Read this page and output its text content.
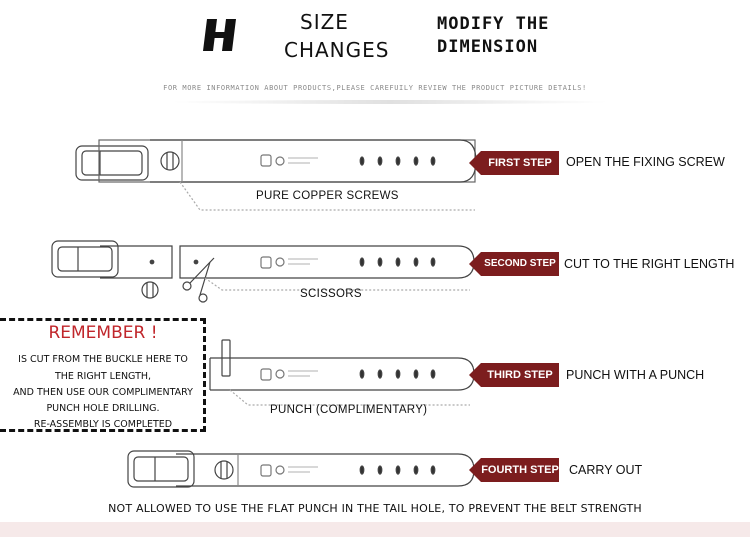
SIZE
CHANGES
MODIFY THE
DIMENSION
FOR MORE INFORMATION ABOUT PRODUCTS,PLEASE CAREFUILY REVIEW THE PRODUCT PICTURE DETAILS!
FIRST STEP	OPEN THE FIXING SCREW
PURE COPPER SCREWS
SECOND STEP CUT TO THE RIGHT LENGTH
SCISSORS
THIRD STEP	PUNCH WITH A PUNCH
PUNCH (COMPLIMENTARY)
FOURTH STEP CARRY OUT
REMEMBER !
IS CUT FROM THE BUCKLE HERE TO
THE RIGHT LENGTH,
AND THEN USE OUR COMPLIMENTARY
PUNCH HOLE DRILLING.
RE-ASSEMBLY IS COMPLETED
NOT ALLOWED TO USE THE FLAT PUNCH IN THE TAIL HOLE, TO PREVENT THE BELT STRENGTH
